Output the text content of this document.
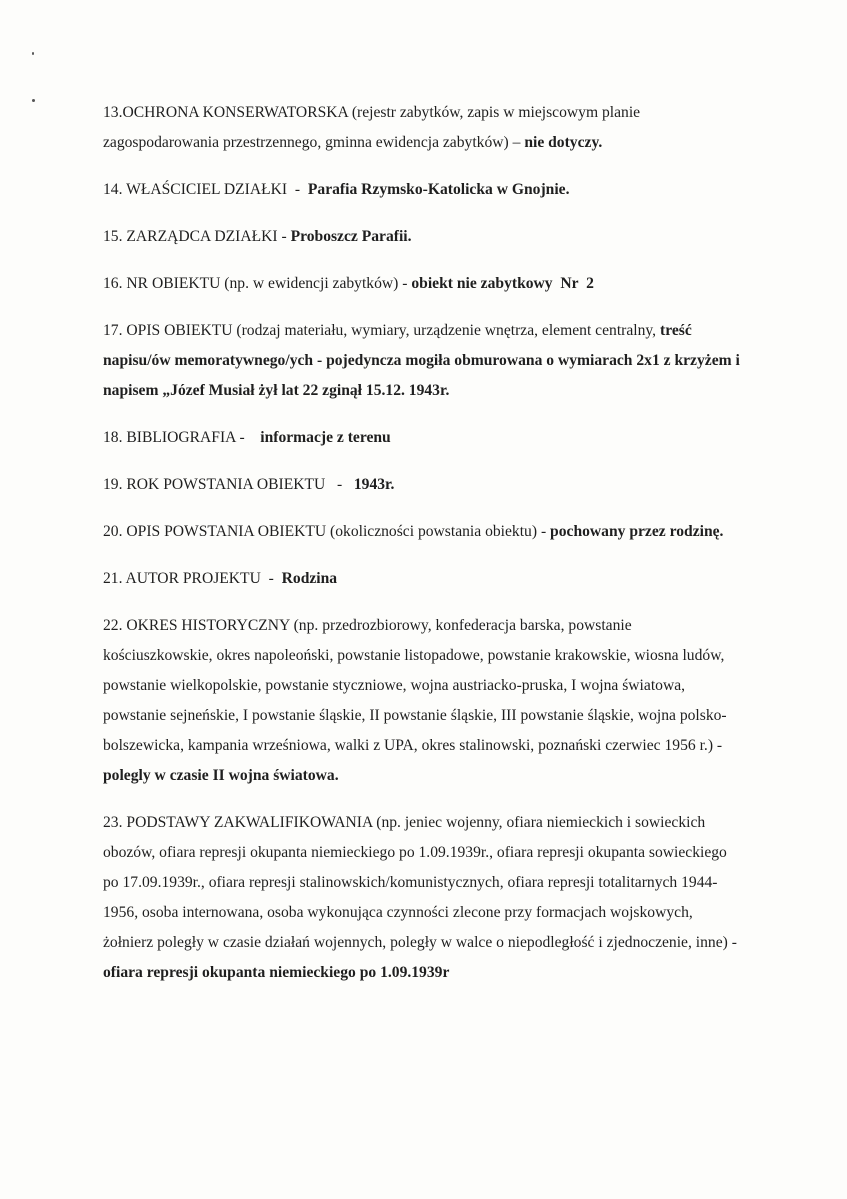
13.OCHRONA KONSERWATORSKA (rejestr zabytków, zapis w miejscowym planie zagospodarowania przestrzennego, gminna ewidencja zabytków) – nie dotyczy.

14. WŁAŚCICIEL DZIAŁKI  -  Parafia Rzymsko-Katolicka w Gnojnie.

15. ZARZĄDCA DZIAŁKI - Proboszcz Parafii.

16. NR OBIEKTU (np. w ewidencji zabytków) - obiekt nie zabytkowy  Nr  2

17. OPIS OBIEKTU (rodzaj materiału, wymiary, urządzenie wnętrza, element centralny, treść napisu/ów memoratywnego/ych - pojedyncza mogiła obmurowana o wymiarach 2x1 z krzyżem i napisem „Józef Musiał żył lat 22 zginął 15.12. 1943r.

18. BIBLIOGRAFIA -    informacje z terenu

19. ROK POWSTANIA OBIEKTU   -   1943r.

20. OPIS POWSTANIA OBIEKTU (okoliczności powstania obiektu) - pochowany przez rodzinę.

21. AUTOR PROJEKTU  -  Rodzina

22. OKRES HISTORYCZNY (np. przedrozbiorowy, konfederacja barska, powstanie kościuszkowskie, okres napoleoński, powstanie listopadowe, powstanie krakowskie, wiosna ludów, powstanie wielkopolskie, powstanie styczniowe, wojna austriacko-pruska, I wojna światowa, powstanie sejneńskie, I powstanie śląskie, II powstanie śląskie, III powstanie śląskie, wojna polsko-bolszewicka, kampania wrześniowa, walki z UPA, okres stalinowski, poznański czerwiec 1956 r.) - polegly w czasie II wojna światowa.

23. PODSTAWY ZAKWALIFIKOWANIA (np. jeniec wojenny, ofiara niemieckich i sowieckich obozów, ofiara represji okupanta niemieckiego po 1.09.1939r., ofiara represji okupanta sowieckiego po 17.09.1939r., ofiara represji stalinowskich/komunistycznych, ofiara represji totalitarnych 1944-1956, osoba internowana, osoba wykonująca czynności zlecone przy formacjach wojskowych, żołnierz poległy w czasie działań wojennych, poległy w walce o niepodległość i zjednoczenie, inne) - ofiara represji okupanta niemieckiego po 1.09.1939r
